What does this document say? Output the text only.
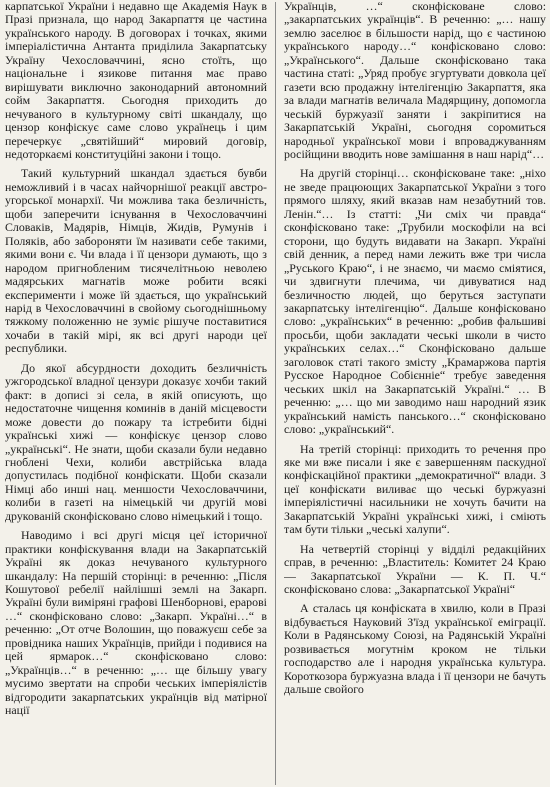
карпатської України і недавно ще Академія Наук в Празі признала, що народ Закарпаття це частина українського народу. В договорах і точках, якими імперіалістична Антанта приділила Закарпатську Україну Чехословаччині, ясно стоїть, що національне і язикове питання має право вирішувати виключно законодарний автономний сойм Закарпаття. Сьогодня приходить до нечуваного в культурному світі шкандалу, що цензор конфіскує саме слово українець і цим перечеркує „святійший“ мировий договір, недоторкаємі конституційні закони і тощо.

Такий культурний шкандал здається бувби неможливий і в часах найчорнішої реакції австро-угорської монархії. Чи можлива така безличність, щоби заперечити існування в Чехословаччині Словаків, Мадярів, Німців, Жидів, Румунів і Поляків, або забороняти їм називати себе такими, якими вони є. Чи влада і її цензори думають, що з народом пригнобленим тисячелітньою неволею мадярських магнатів може робити всякі експерименти і може їй здається, що український нарід в Чехословаччині в свойому сьогоднішньому тяжкому положенню не зуміє рішуче поставитися хочаби в такій мірі, як всі другі народи цеї республики.

До якої абсурдности доходить безличність ужгородської владної цензури доказує хочби такий факт: в дописі зі села, в якій описують, що недостаточне чищення коминів в даній місцевости може довести до пожару та істребити бідні українські хижі — конфіскує цензор слово „українські“. Не знати, щоби сказали були недавно гноблені Чехи, колиби австрійська влада допустилась подібної конфіскати. Щоби сказали Німці або инші нац. меншости Чехословаччини, колиби в газеті на німецькій чи другій мові друкованій сконфісковано слово німецький і тощо.

Наводимо і всі другі місця цеї історичної практики конфіскування влади на Закарпатській Україні як доказ нечуваного культурного шкандалу: На першій сторінці: в реченню: „Після Кошутової ребелії найлішші землі на Закарп. Україні були виміряні графові Шенборнові, ерарові …“ сконфісковано слово: „Закарп. Україні…“ в реченню: „От отче Волошин, що поважуєш себе за провідника наших Українців, прийди і подивися на цей ярмарок…“ сконфісковано слово: „Українців…“ в реченню: „… ще більшу увагу мусимо звертати на спроби чеських імперіялістів відгородити закарпатських українців від матірної нації

Українців, …“ сконфісковане слово: „закарпатських українців“. В реченню: „… нашу землю заселює в більшости нарід, що є частиною українського народу…“ конфісковано слово: „Українського“. Дальше сконфісковано така частина статі: „Уряд пробує згуртувати довкола цеї газети всю продажну інтелігенцію Закарпаття, яка за влади магнатів величала Мадярщину, допомогла чеській буржуазії заняти і закріпитися на Закарпатській Україні, сьогодня соромиться народньої української мови і впроваджуванням російщини вводить нове замішання в наш нарід“…

На другій сторінці… сконфісковане таке: „ніхо не зведе працюющих Закарпатської України з того прямого шляху, який вказав нам незабутний тов. Ленін.“… Із статті: „Чи сміх чи правда“ сконфісковано таке: „Трубили москофіли на всі сторони, що будуть видавати на Закарп. Україні свій денник, а перед нами лежить вже три числа „Руського Краю“, і не знаємо, чи маємо сміятися, чи здвигнути плечима, чи дивуватися над безличностю людей, що беруться заступати закарпатську інтелігенцію“. Дальше конфісковано слово: „українських“ в реченню: „робив фальшиві просьби, щоби закладати чеські школи в чисто українських селах…“ Сконфісковано дальше заголовок статі такого змісту „Крамаржова партія Русское Народное Собієнніе“ требує заведення чеських шкіл на Закарпатській Україні.“ … В реченню: „… що ми заводимо наш народний язик український намість панського…“ сконфісковано слово: „український“.

На третій сторінці: приходить то речення про яке ми вже писали і яке є завершенням паскудної конфіскаційної практики „демократичної“ влади. З цеї конфіскати виливає що чеські буржуазні імперіялістичні насильники не хочуть бачити на Закарпатській Україні українські хижі, і сміють там бути тільки „чеські халупи“.

На четвертій сторінці у відділі редакційних справ, в реченню: „Властитель: Комитет 24 Краю — Закарпатської України — К. П. Ч.“ сконфісковано слова: „Закарпатської Україні“

А сталась ця конфіската в хвилю, коли в Празі відбувається Науковий З'їзд української еміграції. Коли в Радянському Союзі, на Радянській Україні розвивається могутнім кроком не тільки господарство але і народня українська культура. Короткозора буржуазна влада і її цензори не бачуть дальше свойого
